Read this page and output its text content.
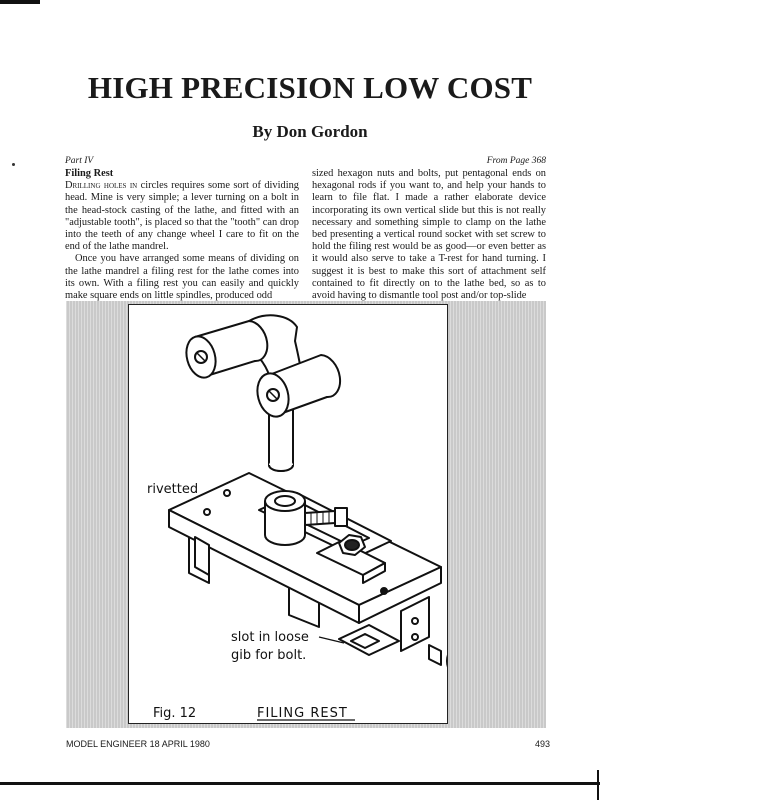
HIGH PRECISION LOW COST
By Don Gordon
Part IV	From Page 368
Filing Rest

Drilling holes in circles requires some sort of dividing head. Mine is very simple; a lever turning on a bolt in the head-stock casting of the lathe, and fitted with an "adjustable tooth", is placed so that the "tooth" can drop into the teeth of any change wheel I care to fit on the end of the lathe mandrel.

Once you have arranged some means of dividing on the lathe mandrel a filing rest for the lathe comes into its own. With a filing rest you can easily and quickly make square ends on little spindles, produced odd

sized hexagon nuts and bolts, put pentagonal ends on hexagonal rods if you want to, and help your hands to learn to file flat. I made a rather elaborate device incorporating its own vertical slide but this is not really necessary and something simple to clamp on the lathe bed presenting a vertical round socket with set screw to hold the filing rest would be as good—or even better as it would also serve to take a T-rest for hand turning. I suggest it is best to make this sort of attachment self contained to fit directly on to the lathe bed, so as to avoid having to dismantle tool post and/or top-slide

rivetted
slot in loose
gib for bolt.
Fig. 12	FILING REST
MODEL ENGINEER 18 APRIL 1980	493
